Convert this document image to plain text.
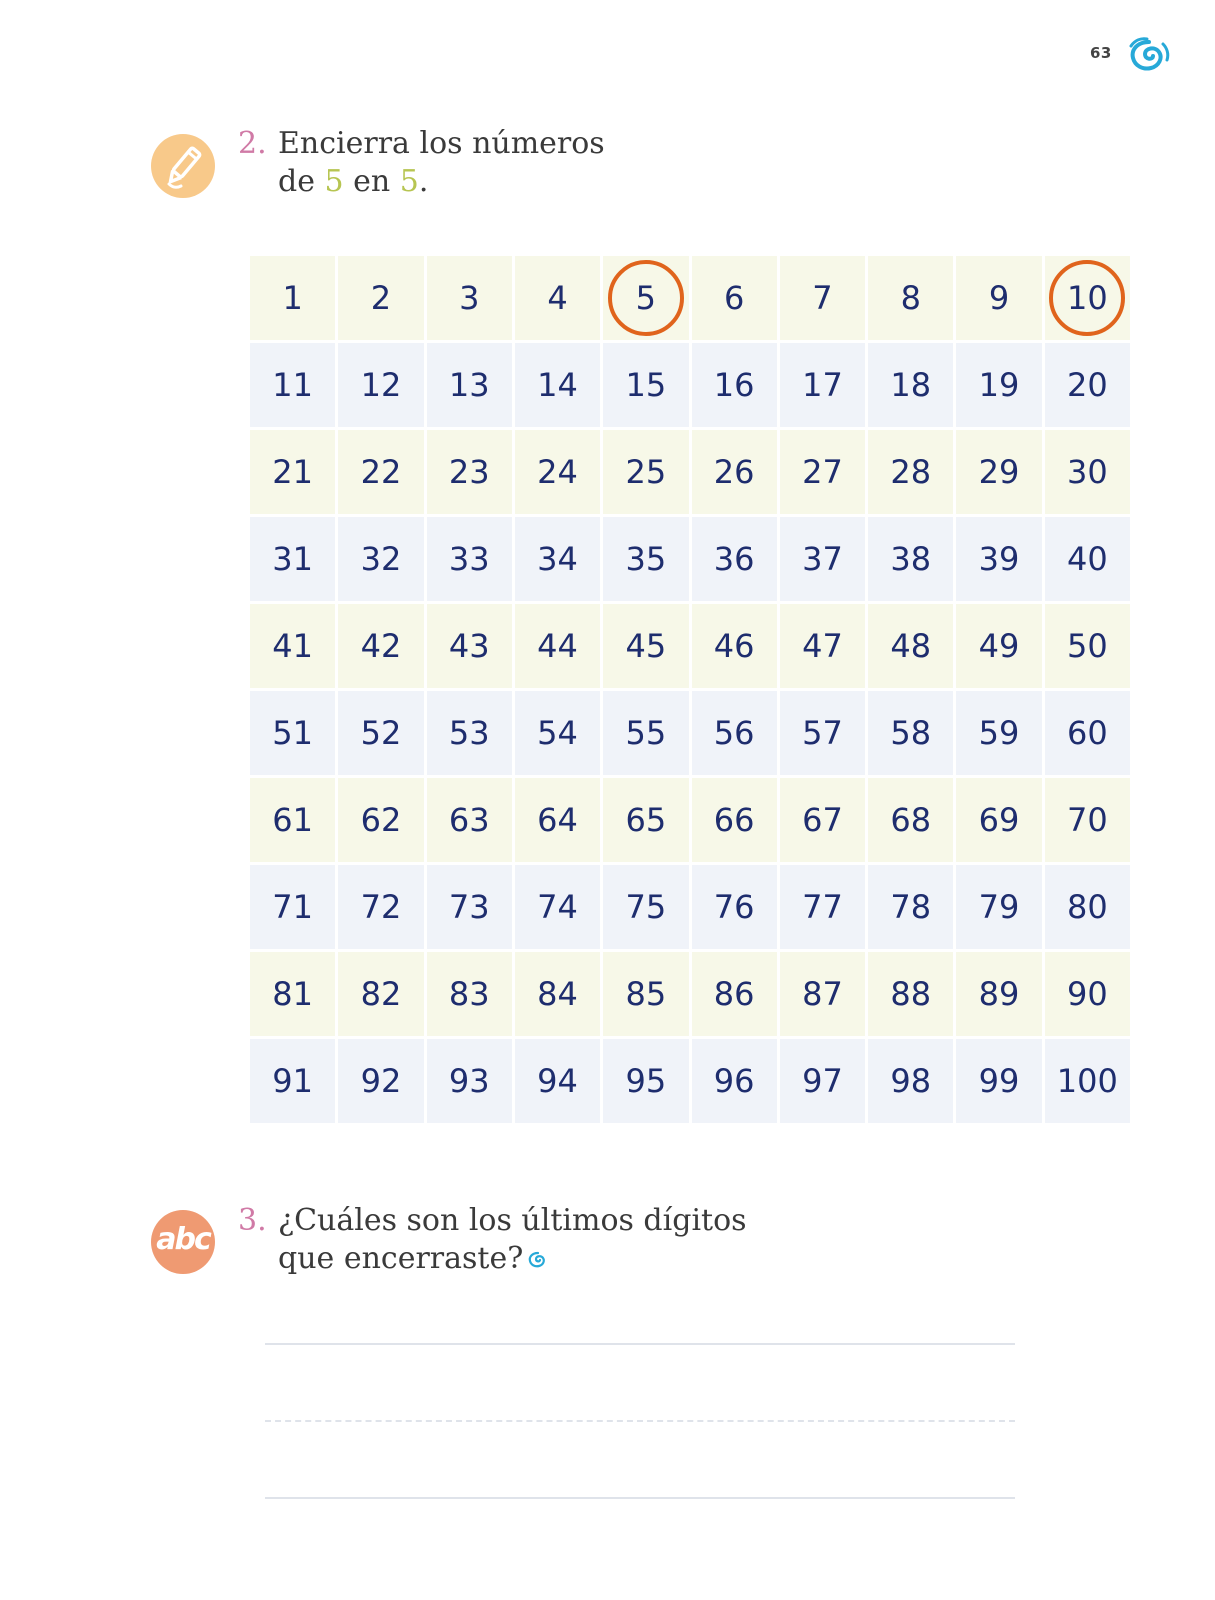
63
2. Encierra los números
de 5 en 5.
1	2	3	4	5	6	7	8	9	10
11	12	13	14	15	16	17	18	19	20
21	22	23	24	25	26	27	28	29	30
31	32	33	34	35	36	37	38	39	40
41	42	43	44	45	46	47	48	49	50
51	52	53	54	55	56	57	58	59	60
61	62	63	64	65	66	67	68	69	70
71	72	73	74	75	76	77	78	79	80
81	82	83	84	85	86	87	88	89	90
91	92	93	94	95	96	97	98	99	100
abc
3. ¿Cuáles son los últimos dígitos
que encerraste?
